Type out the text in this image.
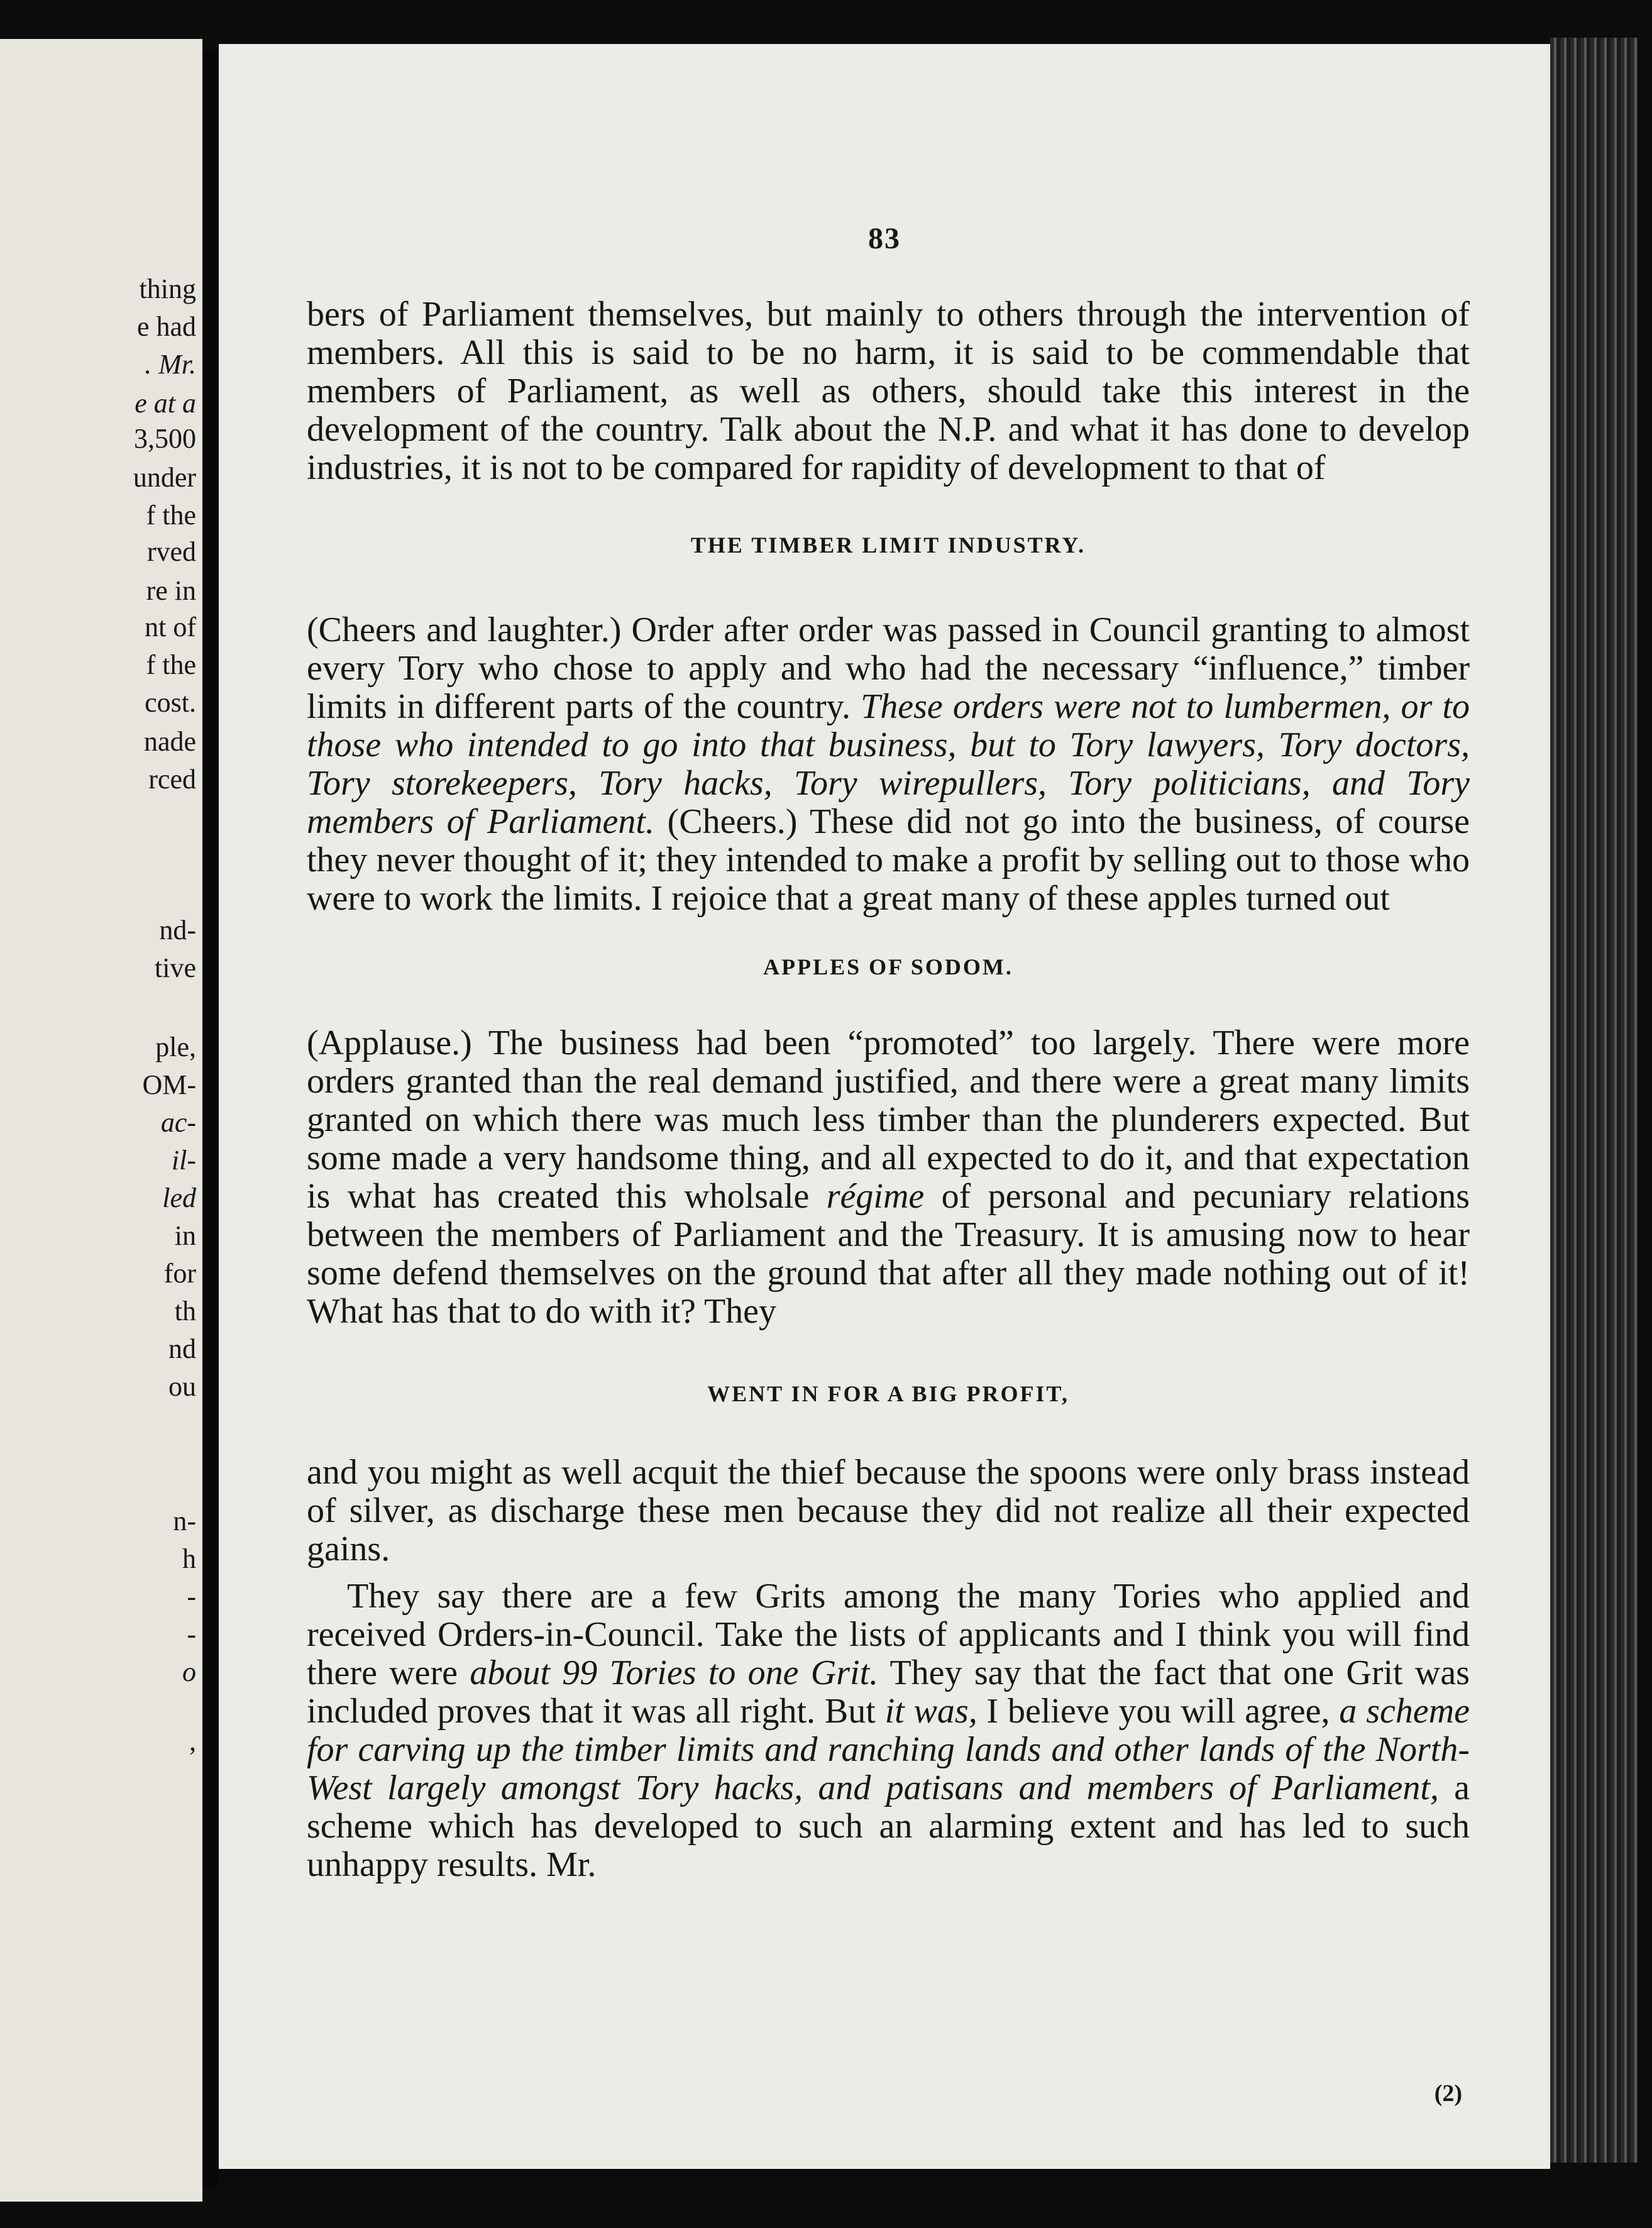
thing
e had
. Mr.
e at a
3,500
under
f the
rved
re in
nt of
f the
cost.
nade
rced
nd-
tive
ple,
OM-
ac-
il-
led
in
for
th
nd
ou
n-
h
-
-
o
,
83

bers of Parliament themselves, but mainly to others through the intervention of members. All this is said to be no harm, it is said to be commendable that members of Parliament, as well as others, should take this interest in the development of the country. Talk about the N.P. and what it has done to develop industries, it is not to be compared for rapidity of development to that of

THE TIMBER LIMIT INDUSTRY.

(Cheers and laughter.) Order after order was passed in Council granting to almost every Tory who chose to apply and who had the necessary “influence,” timber limits in different parts of the country. These orders were not to lumbermen, or to those who intended to go into that business, but to Tory lawyers, Tory doctors, Tory storekeepers, Tory hacks, Tory wirepullers, Tory politicians, and Tory members of Parliament. (Cheers.) These did not go into the business, of course they never thought of it; they intended to make a profit by selling out to those who were to work the limits. I rejoice that a great many of these apples turned out

APPLES OF SODOM.

(Applause.) The business had been “promoted” too largely. There were more orders granted than the real demand justified, and there were a great many limits granted on which there was much less timber than the plunderers expected. But some made a very handsome thing, and all expected to do it, and that expectation is what has created this wholsale régime of personal and pecuniary relations between the members of Parliament and the Treasury. It is amusing now to hear some defend themselves on the ground that after all they made nothing out of it! What has that to do with it? They

WENT IN FOR A BIG PROFIT,

and you might as well acquit the thief because the spoons were only brass instead of silver, as discharge these men because they did not realize all their expected gains.

They say there are a few Grits among the many Tories who applied and received Orders-in-Council. Take the lists of applicants and I think you will find there were about 99 Tories to one Grit. They say that the fact that one Grit was included proves that it was all right. But it was, I believe you will agree, a scheme for carving up the timber limits and ranching lands and other lands of the North-West largely amongst Tory hacks, and patisans and members of Parliament, a scheme which has developed to such an alarming extent and has led to such unhappy results. Mr.

(2)
